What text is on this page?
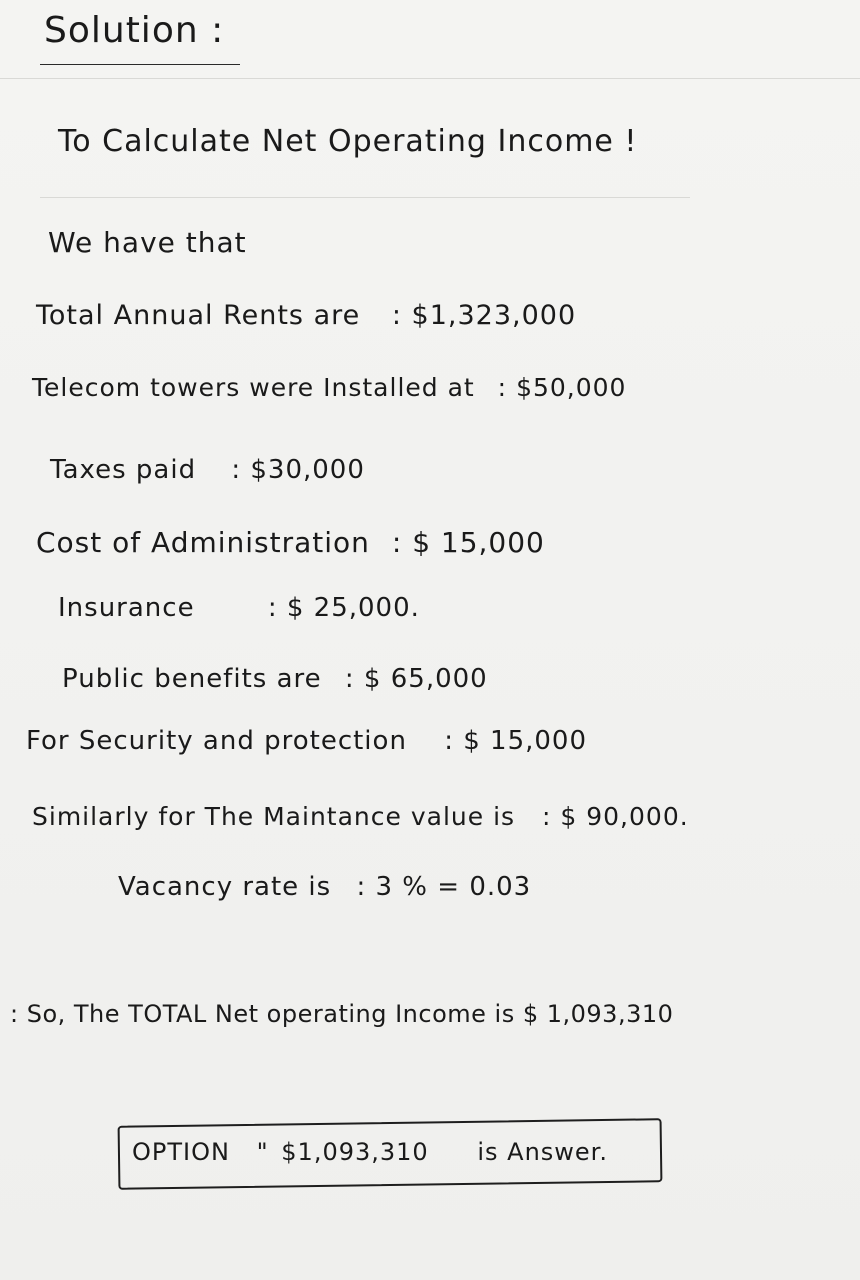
Solution :
To Calculate Net Operating Income !
We have that
Total Annual Rents are : $1,323,000
Telecom towers were Installed at : $50,000
Taxes paid : $30,000
Cost of Administration : $ 15,000
Insurance	: $ 25,000.
Public benefits are : $ 65,000
For Security and protection : $ 15,000
Similarly for The Maintance value is : $ 90,000.
Vacancy rate is : 3 % = 0.03
: So, The TOTAL Net operating Income is $ 1,093,310
OPTION " $1,093,310 is Answer.
